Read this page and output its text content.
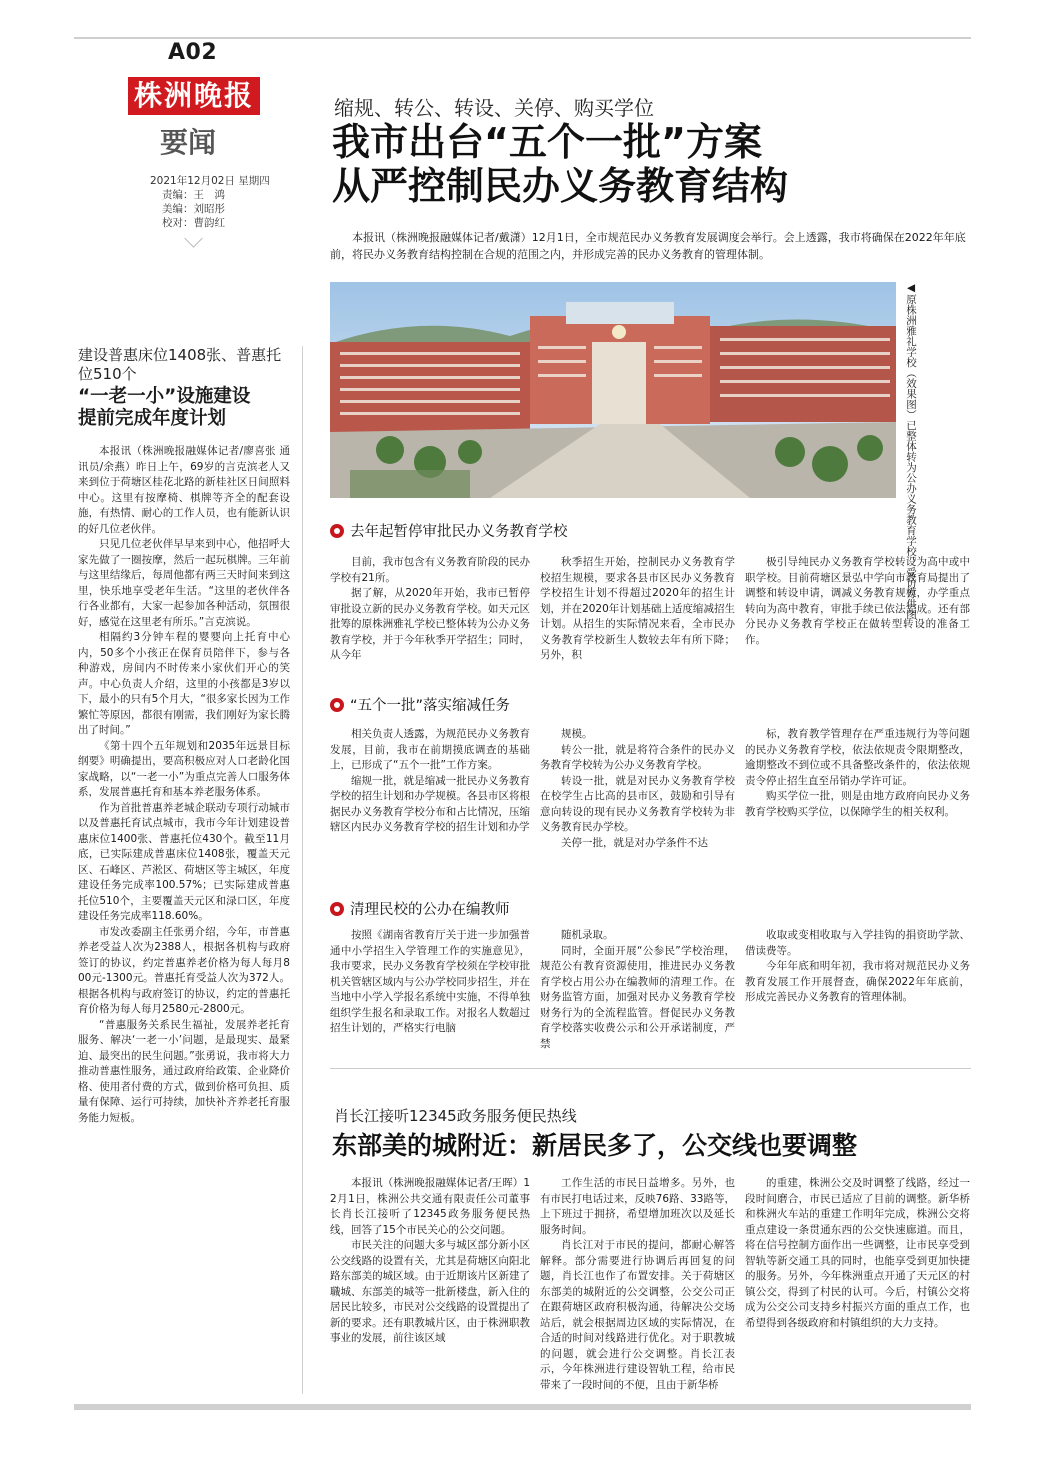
A02
株洲晚报
要闻
2021年12月02日 星期四
责编：王　鸿
美编：刘昭彤
校对：曹韵红
缩规、转公、转设、关停、购买学位
我市出台“五个一批”方案
从严控制民办义务教育结构
本报讯（株洲晚报融媒体记者/戴潇）12月1日，全市规范民办义务教育发展调度会举行。会上透露，我市将确保在2022年年底前，将民办义务教育结构控制在合规的范围之内，并形成完善的民办义务教育的管理体制。
◀原株洲雅礼学校（效果图）已整体转为公办义务教育学校。受访方供图
去年起暂停审批民办义务教育学校

目前，我市包含有义务教育阶段的民办学校有21所。

据了解，从2020年开始，我市已暂停审批设立新的民办义务教育学校。如天元区批筹的原株洲雅礼学校已整体转为公办义务教育学校，并于今年秋季开学招生；同时，从今年

秋季招生开始，控制民办义务教育学校招生规模，要求各县市区民办义务教育学校招生计划不得超过2020年的招生计划，并在2020年计划基础上适度缩减招生计划。从招生的实际情况来看，全市民办义务教育学校新生人数较去年有所下降；另外，积

极引导纯民办义务教育学校转设为高中或中职学校。目前荷塘区景弘中学向市教育局提出了调整和转设申请，调减义务教育规模，办学重点转向为高中教育，审批手续已依法完成。还有部分民办义务教育学校正在做转型转设的准备工作。

“五个一批”落实缩减任务

相关负责人透露，为规范民办义务教育发展，目前，我市在前期摸底调查的基础上，已形成了“五个一批”工作方案。

缩规一批，就是缩减一批民办义务教育学校的招生计划和办学规模。各县市区将根据民办义务教育学校分布和占比情况，压缩辖区内民办义务教育学校的招生计划和办学

规模。

转公一批，就是将符合条件的民办义务教育学校转为公办义务教育学校。

转设一批，就是对民办义务教育学校在校学生占比高的县市区，鼓励和引导有意向转设的现有民办义务教育学校转为非义务教育民办学校。

关停一批，就是对办学条件不达

标，教育教学管理存在严重违规行为等问题的民办义务教育学校，依法依规责令限期整改，逾期整改不到位或不具备整改条件的，依法依规责令停止招生直至吊销办学许可证。

购买学位一批，则是由地方政府向民办义务教育学校购买学位，以保障学生的相关权利。

清理民校的公办在编教师

按照《湖南省教育厅关于进一步加强普通中小学招生入学管理工作的实施意见》，我市要求，民办义务教育学校须在学校审批机关管辖区域内与公办学校同步招生，并在当地中小学入学报名系统中实施，不得单独组织学生报名和录取工作。对报名人数超过招生计划的，严格实行电脑

随机录取。

同时，全面开展“公参民”学校治理，规范公有教育资源使用，推进民办义务教育学校占用公办在编教师的清理工作。在财务监管方面，加强对民办义务教育学校财务行为的全流程监管。督促民办义务教育学校落实收费公示和公开承诺制度，严禁

收取或变相收取与入学挂钩的捐资助学款、借读费等。

今年年底和明年初，我市将对规范民办义务教育发展工作开展督查，确保2022年年底前，形成完善民办义务教育的管理体制。

建设普惠床位1408张、普惠托位510个
“一老一小”设施建设
提前完成年度计划

本报讯（株洲晚报融媒体记者/廖喜张 通讯员/余燕）昨日上午，69岁的言克滨老人又来到位于荷塘区桂花北路的新桂社区日间照料中心。这里有按摩椅、棋牌等齐全的配套设施，有热情、耐心的工作人员，也有能新认识的好几位老伙伴。

只见几位老伙伴早早来到中心，他招呼大家先做了一圈按摩，然后一起玩棋牌。三年前与这里结缘后，每周他都有两三天时间来到这里，快乐地享受老年生活。“这里的老伙伴各行各业都有，大家一起参加各种活动，氛围很好，感觉在这里老有所乐。”言克滨说。

相隔约3分钟车程的婴婴向上托育中心内，50多个小孩正在保育员陪伴下，参与各种游戏，房间内不时传来小家伙们开心的笑声。中心负责人介绍，这里的小孩都是3岁以下，最小的只有5个月大，“很多家长因为工作繁忙等原因，都很有刚需，我们刚好为家长腾出了时间。”

《第十四个五年规划和2035年远景目标纲要》明确提出，要高积极应对人口老龄化国家战略，以“一老一小”为重点完善人口服务体系，发展普惠托育和基本养老服务体系。

作为首批普惠养老城企联动专项行动城市以及普惠托育试点城市，我市今年计划建设普惠床位1400张、普惠托位430个。截至11月底，已实际建成普惠床位1408张，覆盖天元区、石峰区、芦淞区、荷塘区等主城区，年度建设任务完成率100.57%；已实际建成普惠托位510个，主要覆盖天元区和渌口区，年度建设任务完成率118.60%。

市发改委副主任张勇介绍，今年，市普惠养老受益人次为2388人，根据各机构与政府签订的协议，约定普惠养老价格为每人每月800元-1300元。普惠托育受益人次为372人。根据各机构与政府签订的协议，约定的普惠托育价格为每人每月2580元-2800元。

“普惠服务关系民生福祉，发展养老托育服务、解决‘一老一小’问题，是最现实、最紧迫、最突出的民生问题。”张勇说，我市将大力推动普惠性服务，通过政府给政策、企业降价格、使用者付费的方式，做到价格可负担、质量有保障、运行可持续，加快补齐养老托育服务能力短板。	肖长江接听12345政务服务便民热线
东部美的城附近：新居民多了，公交线也要调整

本报讯（株洲晚报融媒体记者/王晖）12月1日，株洲公共交通有限责任公司董事长肖长江接听了12345政务服务便民热线，回答了15个市民关心的公交问题。

市民关注的问题大多与城区部分新小区公交线路的设置有关，尤其是荷塘区向阳北路东部美的城区域。由于近期该片区新建了職城、东部美的城等一批新楼盘，新入住的居民比较多，市民对公交线路的设置提出了新的要求。还有职教城片区，由于株洲职教事业的发展，前往该区域

工作生活的市民日益增多。另外，也有市民打电话过来，反映76路、33路等，上下班过于拥挤，希望增加班次以及延长服务时间。

肖长江对于市民的提问，都耐心解答解释。部分需要进行协调后再回复的问题，肖长江也作了布置安排。关于荷塘区东部美的城附近的公交调整，公交公司正在跟荷塘区政府积极沟通，待解决公交场站后，就会根据周边区域的实际情况，在合适的时间对线路进行优化。对于职教城的问题，就会进行公交调整。肖长江表示，今年株洲进行建设智轨工程，给市民带来了一段时间的不便，且由于新华桥

的重建，株洲公交及时调整了线路，经过一段时间磨合，市民已适应了目前的调整。新华桥和株洲火车站的重建工作明年完成，株洲公交将重点建设一条贯通东西的公交快速廊道。而且，将在信号控制方面作出一些调整，让市民享受到智轨等新交通工具的同时，也能享受到更加快捷的服务。另外，今年株洲重点开通了天元区的村镇公交，得到了村民的认可。今后，村镇公交将成为公交公司支持乡村振兴方面的重点工作，也希望得到各级政府和村镇组织的大力支持。
